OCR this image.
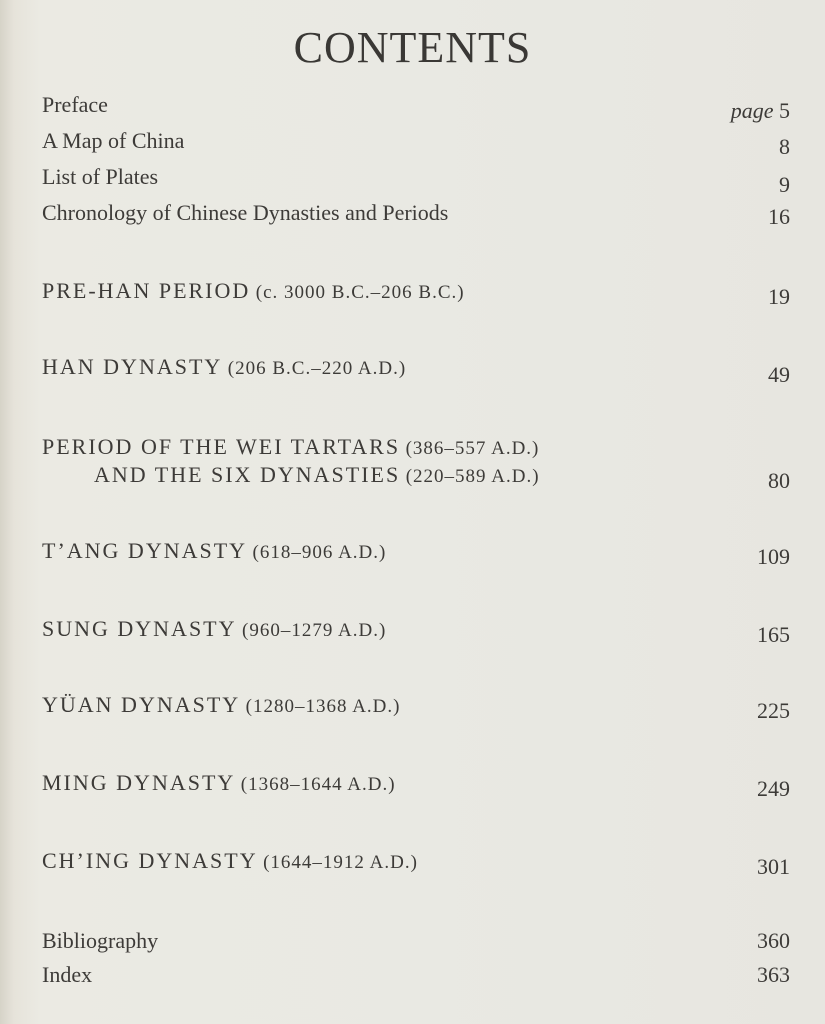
CONTENTS
Preface	page 5
A Map of China	8
List of Plates	9
Chronology of Chinese Dynasties and Periods	16
PRE-HAN PERIOD (c. 3000 B.C.–206 B.C.)	19
HAN DYNASTY (206 B.C.–220 A.D.)	49
PERIOD OF THE WEI TARTARS (386–557 A.D.)
AND THE SIX DYNASTIES (220–589 A.D.)	80
T’ANG DYNASTY (618–906 A.D.)	109
SUNG DYNASTY (960–1279 A.D.)	165
YÜAN DYNASTY (1280–1368 A.D.)	225
MING DYNASTY (1368–1644 A.D.)	249
CH’ING DYNASTY (1644–1912 A.D.)	301
Bibliography	360
Index	363
